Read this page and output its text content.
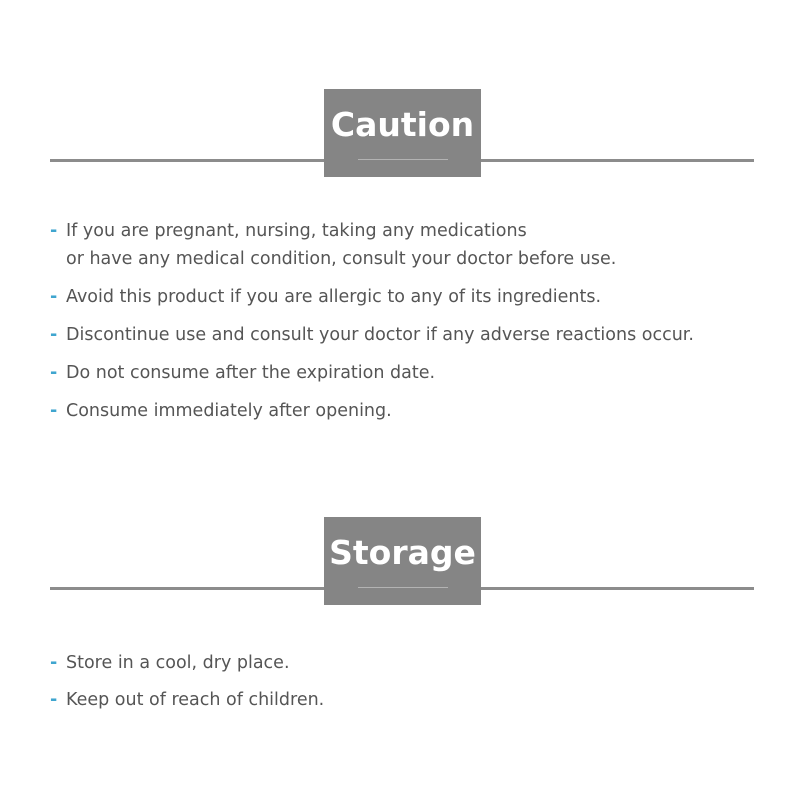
Caution
- If you are pregnant, nursing, taking any medications
or have any medical condition, consult your doctor before use.
- Avoid this product if you are allergic to any of its ingredients.
- Discontinue use and consult your doctor if any adverse reactions occur.
- Do not consume after the expiration date.
- Consume immediately after opening.
Storage
- Store in a cool, dry place.
- Keep out of reach of children.
